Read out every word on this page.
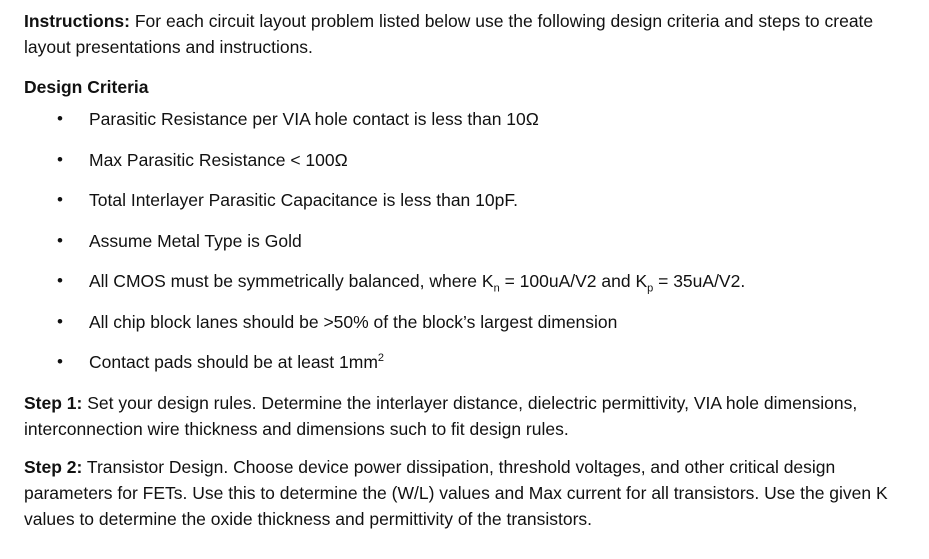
Instructions: For each circuit layout problem listed below use the following design criteria and steps to create layout presentations and instructions.

Design Criteria

• Parasitic Resistance per VIA hole contact is less than 10Ω
• Max Parasitic Resistance < 100Ω
• Total Interlayer Parasitic Capacitance is less than 10pF.
• Assume Metal Type is Gold
• All CMOS must be symmetrically balanced, where $K_n = 100uA/V2$ and $K_p = 35uA/V2$.
• All chip block lanes should be >50% of the block’s largest dimension
• Contact pads should be at least $1mm^2$

Step 1: Set your design rules. Determine the interlayer distance, dielectric permittivity, VIA hole dimensions, interconnection wire thickness and dimensions such to fit design rules.

Step 2: Transistor Design. Choose device power dissipation, threshold voltages, and other critical design parameters for FETs. Use this to determine the (W/L) values and Max current for all transistors. Use the given K values to determine the oxide thickness and permittivity of the transistors.
